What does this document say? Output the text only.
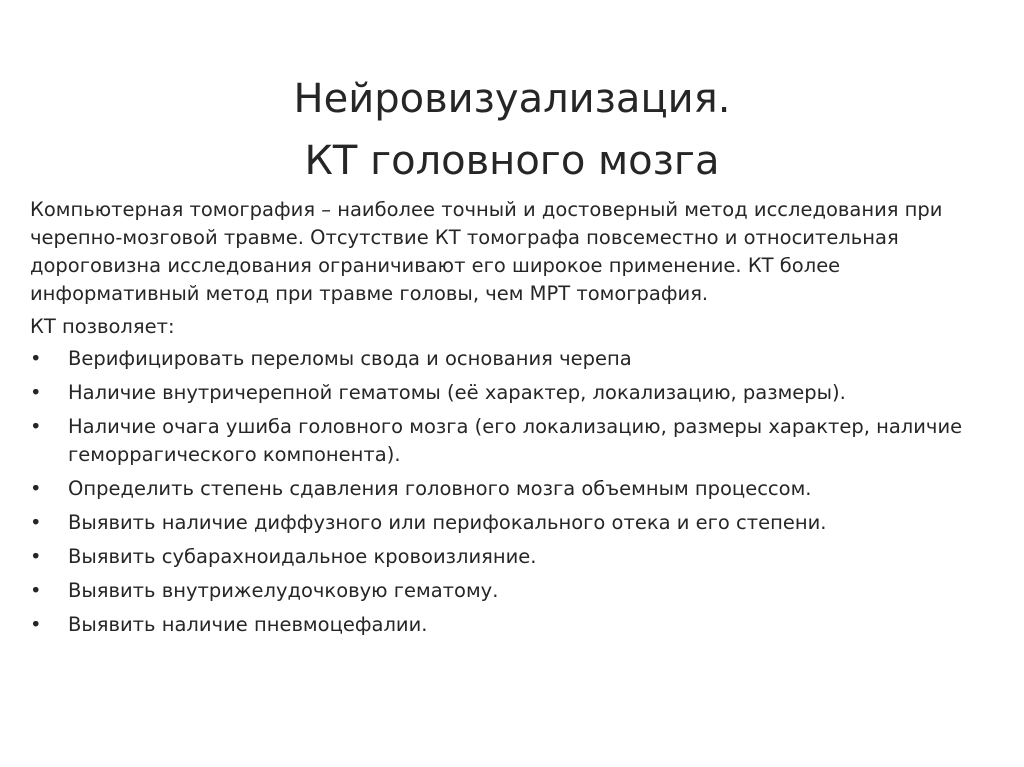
Нейровизуализация.
КТ головного мозга

Компьютерная томография – наиболее точный и достоверный метод исследования при черепно-мозговой травме. Отсутствие КТ томографа повсеместно и относительная дороговизна исследования ограничивают его широкое применение. КТ более информативный метод при травме головы, чем МРТ томография.

КТ позволяет:

•	Верифицировать переломы свода и основания черепа
•	Наличие внутричерепной гематомы (её характер, локализацию, размеры).
•	Наличие очага ушиба головного мозга (его локализацию, размеры характер, наличие геморрагического компонента).
•	Определить степень сдавления головного мозга объемным процессом.
•	Выявить наличие диффузного или перифокального отека и его степени.
•	Выявить субарахноидальное кровоизлияние.
•	Выявить внутрижелудочковую гематому.
•	Выявить наличие пневмоцефалии.
